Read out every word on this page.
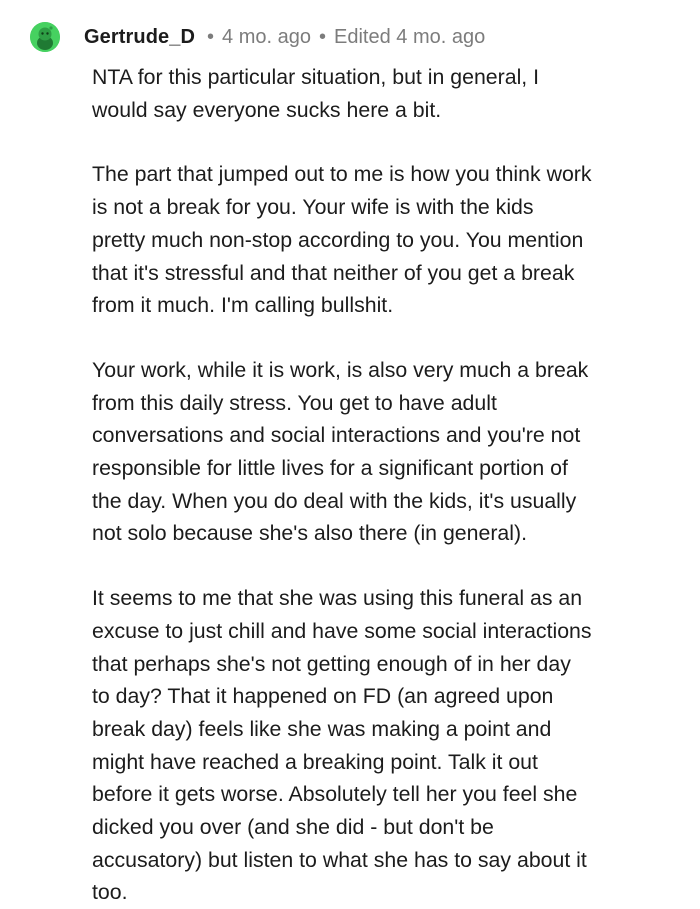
Gertrude_D • 4 mo. ago • Edited 4 mo. ago

NTA for this particular situation, but in general, I
would say everyone sucks here a bit.

The part that jumped out to me is how you think work
is not a break for you. Your wife is with the kids
pretty much non-stop according to you. You mention
that it's stressful and that neither of you get a break
from it much. I'm calling bullshit.

Your work, while it is work, is also very much a break
from this daily stress. You get to have adult
conversations and social interactions and you're not
responsible for little lives for a significant portion of
the day. When you do deal with the kids, it's usually
not solo because she's also there (in general).

It seems to me that she was using this funeral as an
excuse to just chill and have some social interactions
that perhaps she's not getting enough of in her day
to day? That it happened on FD (an agreed upon
break day) feels like she was making a point and
might have reached a breaking point. Talk it out
before it gets worse. Absolutely tell her you feel she
dicked you over (and she did - but don't be
accusatory) but listen to what she has to say about it
too.
